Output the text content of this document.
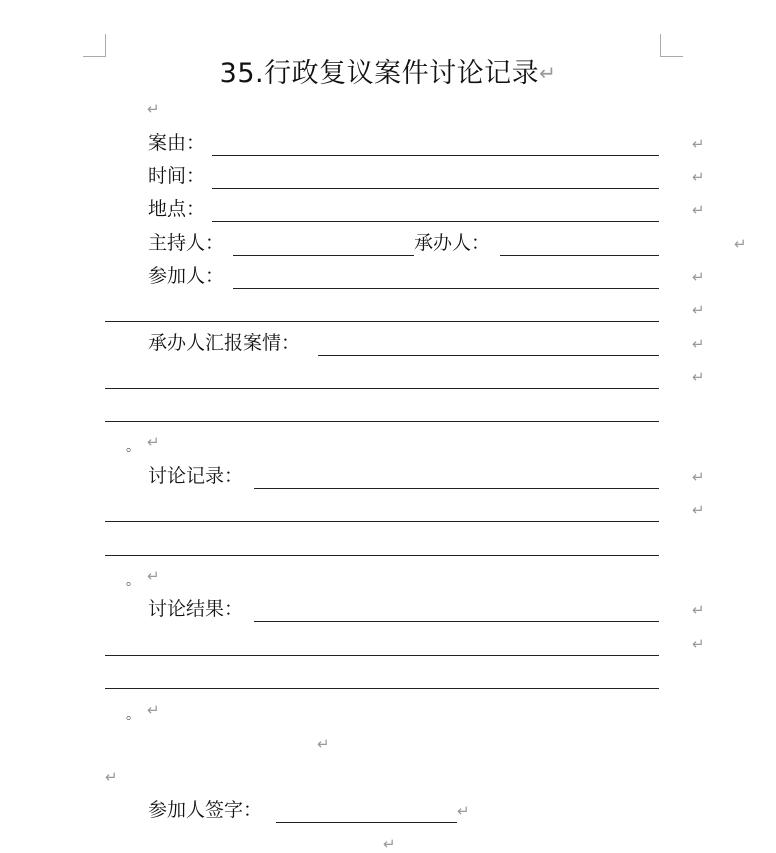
35.行政复议案件讨论记录↵
↵
案由：	↵
时间：	↵
地点：	↵
主持人：	承办人：	↵
参加人：	↵
↵
承办人汇报案情：	↵
↵
。 ↵
讨论记录：	↵
↵
。 ↵
讨论结果：	↵
↵
。 ↵
↵
↵
参加人签字：	↵
↵
